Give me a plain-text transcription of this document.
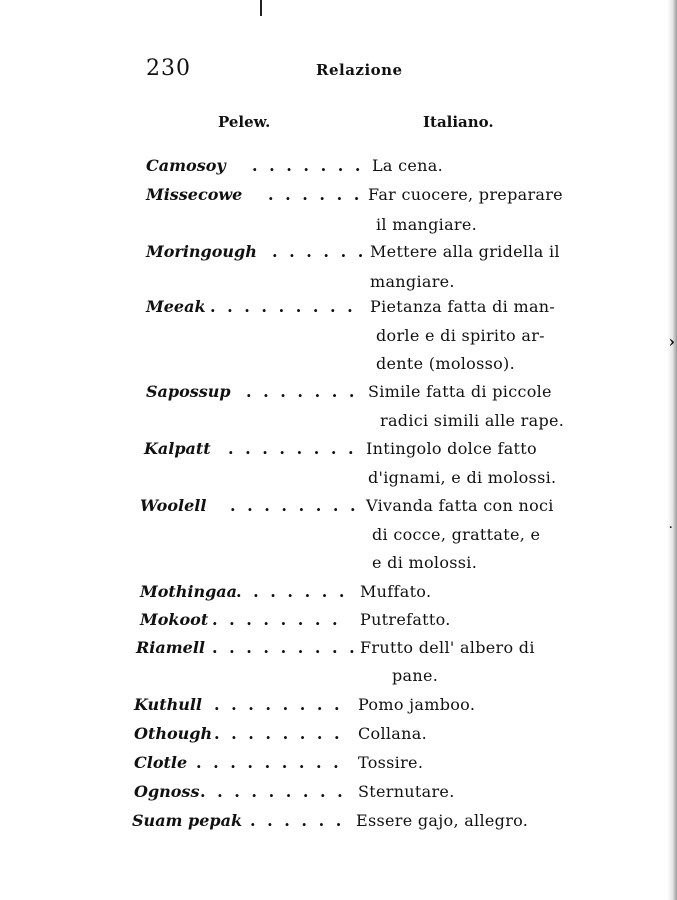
230	Relazione
Pelew.	Italiano.
›
·
Camosoy . . . . . . . La cena.
Missecowe . . . . . . Far cuocere, preparare
il mangiare.
Moringough . . . . . . Mettere alla gridella il
mangiare.
Meeak . . . . . . . . . Pietanza fatta di man-
dorle e di spirito ar-
dente (molosso).
Sapossup . . . . . . . Simile fatta di piccole
radici simili alle rape.
Kalpatt . . . . . . . . Intingolo dolce fatto
d'ignami, e di molossi.
Woolell . . . . . . . . Vivanda fatta con noci
di cocce, grattate, e
e di molossi.
Mothingaa
. . . . . . . Muffato.
Mokoot . . . . . . . . Putrefatto.
Riamell . . . . . . . . . Frutto dell' albero di
pane.
Kuthull . . . . . . . . Pomo jamboo.
Othough . . . . . . . . Collana.
Clotle . . . . . . . . . Tossire.
Ognoss . . . . . . . . . Sternutare.
Suam pepak . . . . . . Essere gajo, allegro.
